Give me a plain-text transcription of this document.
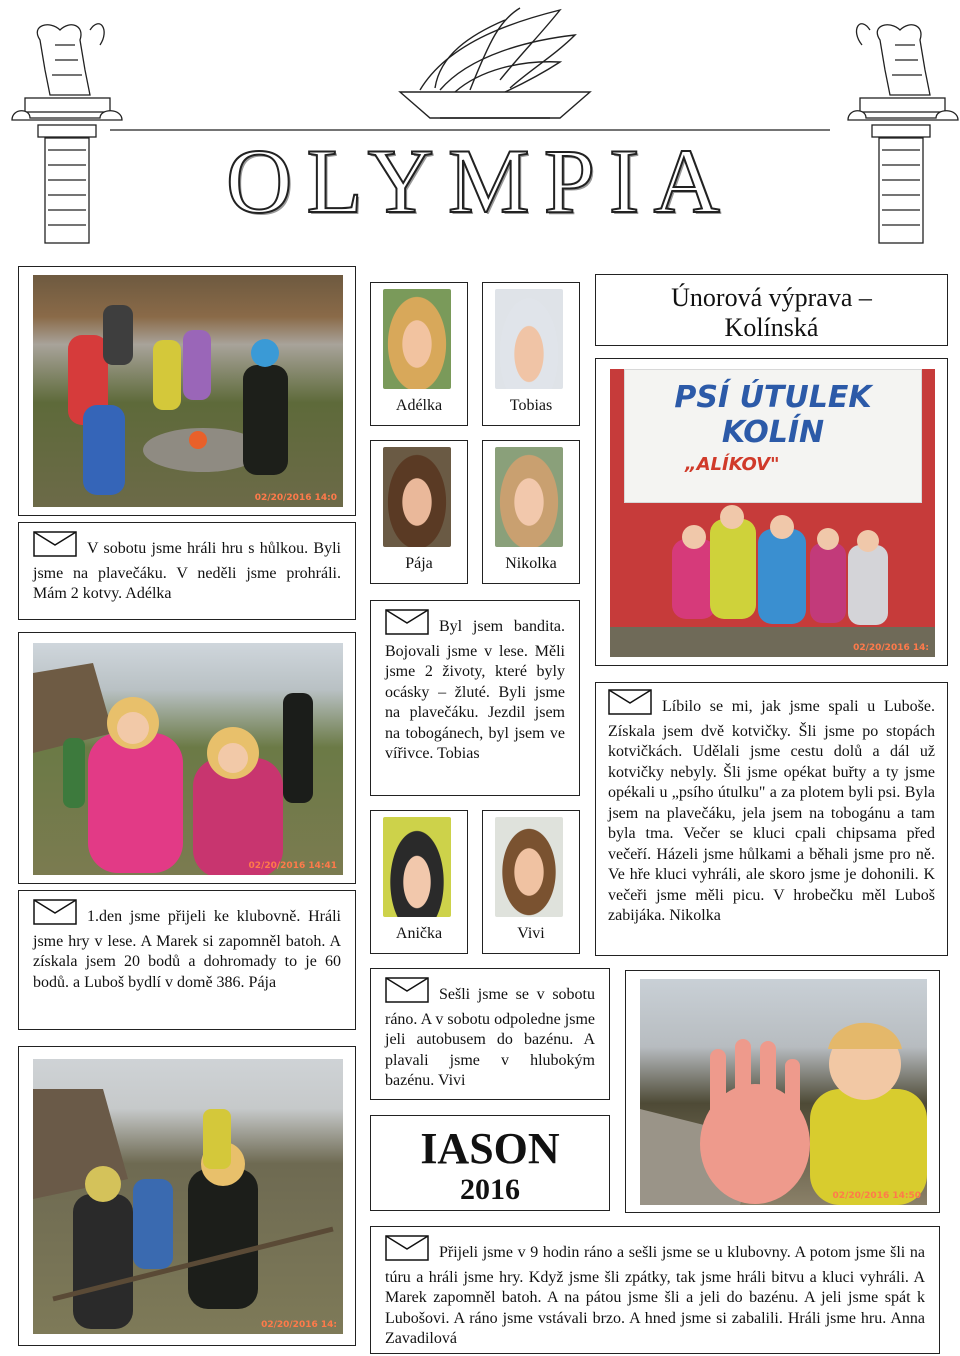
OLYMPIA
02/20/2016 14:0
V sobotu jsme hráli hru s hůlkou. Byli jsme na plavečáku. V neděli jsme prohráli. Mám 2 kotvy. Adélka
02/20/2016 14:41
1.den jsme přijeli ke klubovně. Hráli jsme hry v lese. A Marek si zapomněl batoh. A získala jsem 20 bodů a dohromady to je 60 bodů. a Luboš bydlí v domě 386. Pája
02/20/2016 14:
Adélka	Tobias
Pája	Nikolka
Byl jsem bandita. Bojovali jsme v lese. Měli jsme 2 životy, které byly ocásky – žluté. Byli jsme na plavečáku. Jezdil jsem na tobogánech, byl jsem ve vířivce. Tobias
Anička	Vivi
Sešli jsme se v sobotu ráno. A v sobotu odpoledne jsme jeli autobusem do bazénu. A plavali jsme v hlubokým bazénu. Vivi
IASON
2016
Únorová výprava –
Kolínská
PSÍ ÚTULEK
KOLÍN
„ALÍKOV"
02/20/2016 14:
Líbilo se mi, jak jsme spali u Luboše. Získala jsem dvě kotvičky. Šli jsme po stopách kotvičkách. Udělali jsme cestu dolů a dál už kotvičky nebyly. Šli jsme opékat buřty a ty jsme opékali u „psího útulku" a za plotem byli psi. Byla jsem na plavečáku, jela jsem na tobogánu a tam byla tma. Večer se kluci cpali chipsama před večeří. Házeli jsme hůlkami a běhali jsme pro ně. Ve hře kluci vyhráli, ale skoro jsme je dohonili. K večeři jsme měli picu. V hrobečku měl Luboš zabijáka. Nikolka
02/20/2016 14:50
Přijeli jsme v 9 hodin ráno a sešli jsme se u klubovny. A potom jsme šli na túru a hráli jsme hry. Když jsme šli zpátky, tak jsme hráli bitvu a kluci vyhráli. A Marek zapomněl batoh. A na pátou jsme šli a jeli do bazénu. A jeli jsme spát k Lubošovi. A ráno jsme vstávali brzo. A hned jsme si zabalili. Hráli jsme hru. Anna Zavadilová
